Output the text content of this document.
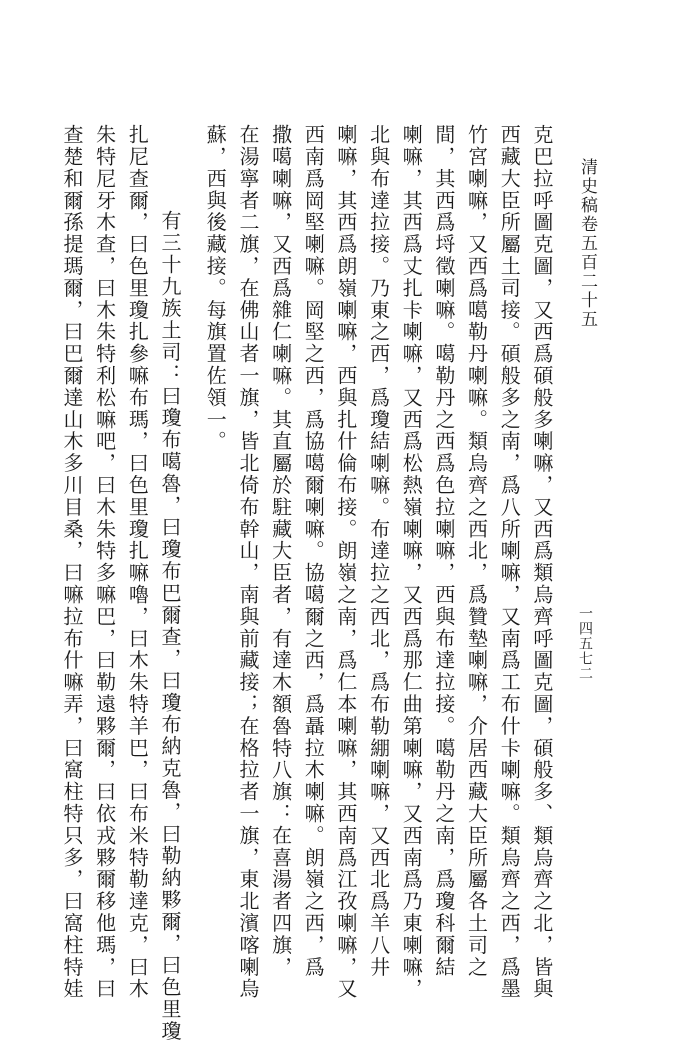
清史稿卷五百二十五
一四五七二
克巴拉呼圖克圖，又西爲碩般多喇嘛，又西爲類烏齊呼圖克圖，碩般多、類烏齊之北，皆與
西藏大臣所屬土司接。碩般多之南，爲八所喇嘛，又南爲工布什卡喇嘛。類烏齊之西，爲墨
竹宮喇嘛，又西爲噶勒丹喇嘛。類烏齊之西北，爲贊墊喇嘛，介居西藏大臣所屬各土司之
間，其西爲埒徵喇嘛。噶勒丹之西爲色拉喇嘛，西與布達拉接。噶勒丹之南，爲瓊科爾結
喇嘛，其西爲丈扎卡喇嘛，又西爲松熱嶺喇嘛，又西爲那仁曲第喇嘛，又西南爲乃東喇嘛，
北與布達拉接。乃東之西，爲瓊結喇嘛。布達拉之西北，爲布勒綳喇嘛，又西北爲羊八井
喇嘛，其西爲朗嶺喇嘛，西與扎什倫布接。朗嶺之南，爲仁本喇嘛，其西南爲江孜喇嘛，又
西南爲岡堅喇嘛。岡堅之西，爲協噶爾喇嘛。協噶爾之西，爲聶拉木喇嘛。朗嶺之西，爲
撒噶喇嘛，又西爲雜仁喇嘛。其直屬於駐藏大臣者，有達木額魯特八旗：在喜湯者四旗，
在湯寧者二旗，在佛山者一旗，皆北倚布幹山，南與前藏接；在格拉者一旗，東北濱喀喇烏
蘇，西與後藏接。每旗置佐領一。
有三十九族土司：曰瓊布噶魯，曰瓊布巴爾查，曰瓊布納克魯，曰勒納夥爾，曰色里瓊
扎尼查爾，曰色里瓊扎參嘛布瑪，曰色里瓊扎嘛嚕，曰木朱特羊巴，曰布米特勒達克，曰木
朱特尼牙木查，曰木朱特利松嘛吧，曰木朱特多嘛巴，曰勒遠夥爾，曰依戎夥爾移他瑪，曰
查楚和爾孫提瑪爾，曰巴爾達山木多川目桑，曰嘛拉布什嘛弄，曰窩柱特只多，曰窩柱特娃
